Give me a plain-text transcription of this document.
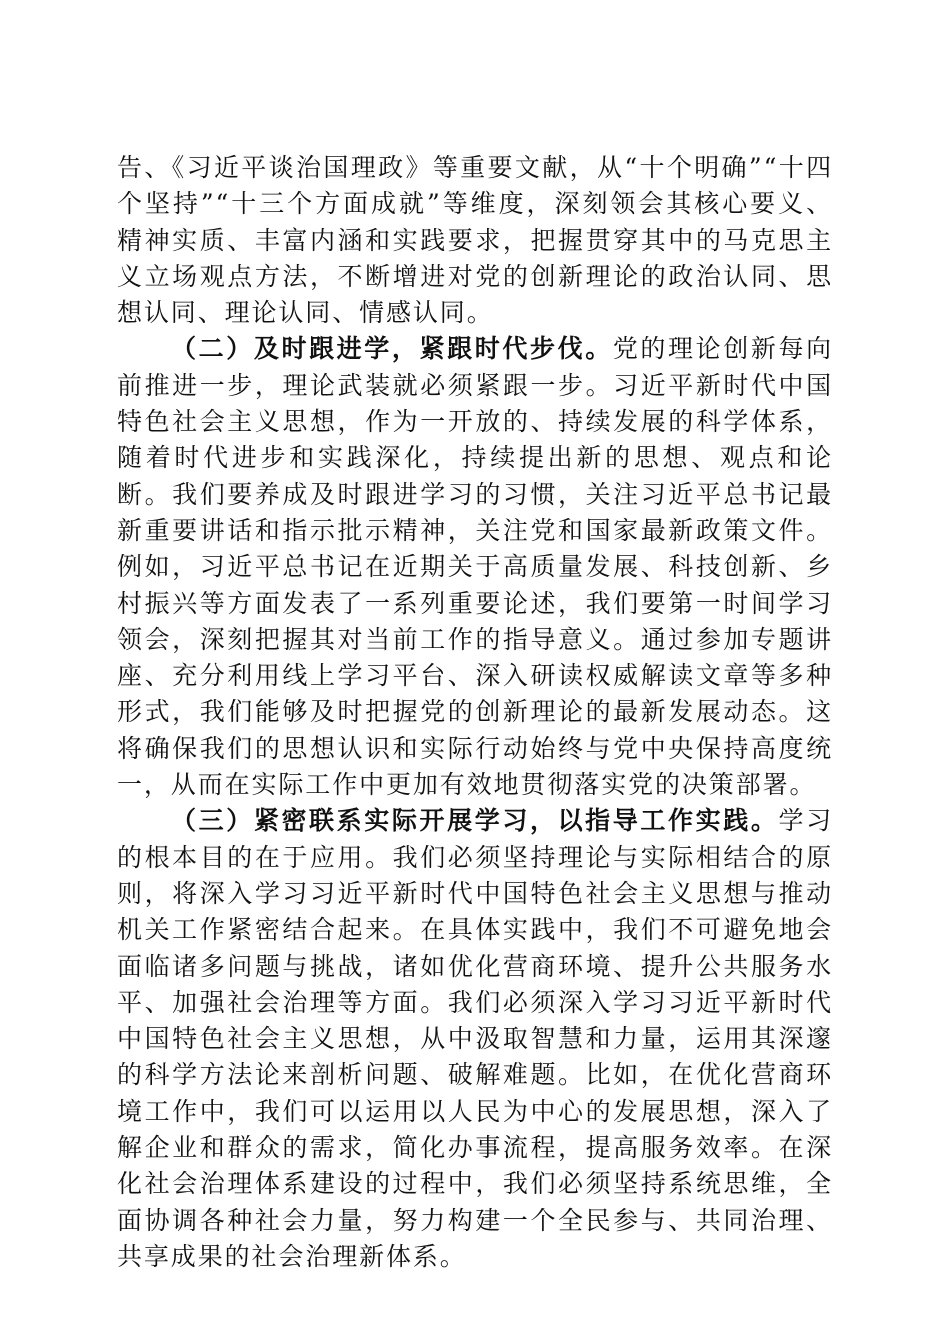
告、《习近平谈治国理政》等重要文献，从“十个明确”“十四个坚持”“十三个方面成就”等维度，深刻领会其核心要义、精神实质、丰富内涵和实践要求，把握贯穿其中的马克思主义立场观点方法，不断增进对党的创新理论的政治认同、思想认同、理论认同、情感认同。

（二）及时跟进学，紧跟时代步伐。党的理论创新每向前推进一步，理论武装就必须紧跟一步。习近平新时代中国特色社会主义思想，作为一开放的、持续发展的科学体系，随着时代进步和实践深化，持续提出新的思想、观点和论断。我们要养成及时跟进学习的习惯，关注习近平总书记最新重要讲话和指示批示精神，关注党和国家最新政策文件。例如，习近平总书记在近期关于高质量发展、科技创新、乡村振兴等方面发表了一系列重要论述，我们要第一时间学习领会，深刻把握其对当前工作的指导意义。通过参加专题讲座、充分利用线上学习平台、深入研读权威解读文章等多种形式，我们能够及时把握党的创新理论的最新发展动态。这将确保我们的思想认识和实际行动始终与党中央保持高度统一，从而在实际工作中更加有效地贯彻落实党的决策部署。

（三）紧密联系实际开展学习，以指导工作实践。学习的根本目的在于应用。我们必须坚持理论与实际相结合的原则，将深入学习习近平新时代中国特色社会主义思想与推动机关工作紧密结合起来。在具体实践中，我们不可避免地会面临诸多问题与挑战，诸如优化营商环境、提升公共服务水平、加强社会治理等方面。我们必须深入学习习近平新时代中国特色社会主义思想，从中汲取智慧和力量，运用其深邃的科学方法论来剖析问题、破解难题。比如，在优化营商环境工作中，我们可以运用以人民为中心的发展思想，深入了解企业和群众的需求，简化办事流程，提高服务效率。在深化社会治理体系建设的过程中，我们必须坚持系统思维，全面协调各种社会力量，努力构建一个全民参与、共同治理、共享成果的社会治理新体系。
